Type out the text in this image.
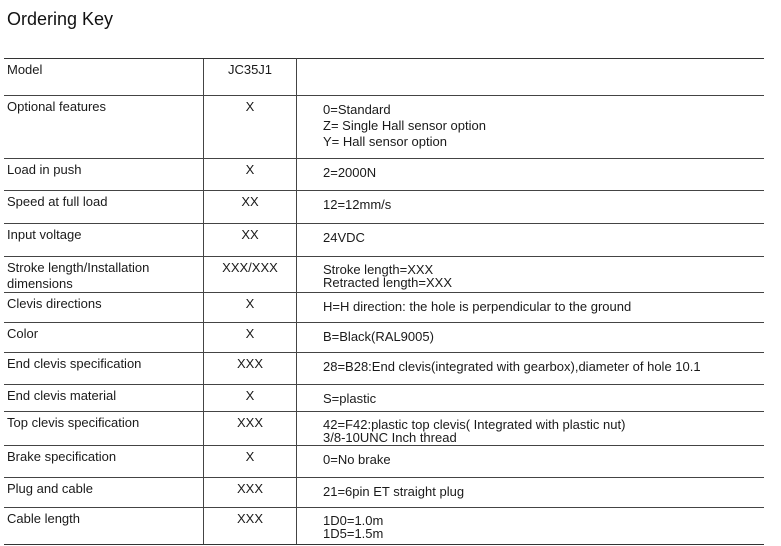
Ordering Key
Model	JC35J1	
Optional features	X	0=Standard
Z= Single Hall sensor option
Y= Hall sensor option

Load in push	X	2=2000N

Speed at full load	XX	12=12mm/s

Input voltage	XX	24VDC

Stroke length/Installation dimensions	XXX/XXX	Stroke length=XXX
Retracted length=XXX

Clevis directions	X	H=H direction: the hole is perpendicular to the ground

Color	X	B=Black(RAL9005)

End clevis specification	XXX	28=B28:End clevis(integrated with gearbox),diameter of hole 10.1

End clevis material	X	S=plastic

Top clevis specification	XXX	42=F42:plastic top clevis( Integrated with plastic nut)
3/8-10UNC Inch thread

Brake specification	X	0=No brake

Plug and cable	XXX	21=6pin ET straight plug

Cable length	XXX	1D0=1.0m
1D5=1.5m
